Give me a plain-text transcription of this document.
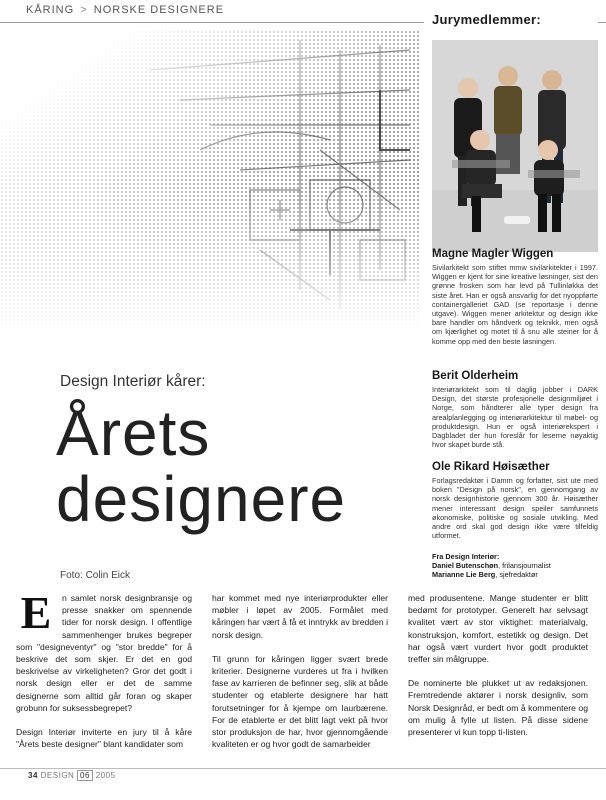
KÅRING > NORSKE DESIGNERE
Jurymedlemmer:
Magne Magler Wiggen

Sivilarkitekt som stiftet mmw sivilarkitekter i 1997. Wiggen er kjent for sine kreative løsninger, sist den grønne frosken som har levd på Tullinløkka det siste året. Han er også ansvarlig for det nyoppførte containergalleriet GAD (se reportasje i denne utgave). Wiggen mener arkitektur og design ikke bare handler om håndverk og teknikk, men også om kjærlighet og motet til å snu alle steiner for å komme opp med den beste løsningen.

Berit Olderheim

Interiørarkitekt som til daglig jobber i DARK Design, det største profesjonelle designmiljøet i Norge, som håndterer alle typer design fra arealplanlegging og interiørarkitektur til møbel- og produktdesign. Hun er også interiørekspert i Dagbladet der hun foreslår for leserne nøyaktig hvor skapet burde stå.

Ole Rikard Høisæther

Forlagsredaktør i Damm og forfatter, sist ute med boken "Design på norsk", en gjennomgang av norsk designhistorie gjennom 300 år. Høisæther mener interessant design speiler samfunnets økonomiske, politiske og sosiale utvikling. Med andre ord skal god design ikke være tilfeldig utformet.

Fra Design Interiør:
Daniel Butenschøn, frilansjournalist
Marianne Lie Berg, sjefredaktør
Design Interiør kårer:
Årets
designere
Foto: Colin Eick

E	n samlet norsk designbransje og presse snakker om spennende tider for norsk design. I offentlige sammenhenger brukes begreper som "designeventyr" og "stor bredde" for å beskrive det som skjer. Er det en god beskrivelse av virkeligheten? Gror det godt i norsk design eller er det de samme designerne som alltid går foran og skaper grobunn for suksessbegrepet?

Design Interiør inviterte en jury til å kåre "Årets beste designer" blant kandidater som

har kommet med nye interiørprodukter eller møbler i løpet av 2005. Formålet med kåringen har vært å få et inntrykk av bredden i norsk design.

Til grunn for kåringen ligger svært brede kriterier. Designerne vurderes ut fra i hvilken fase av karrieren de befinner seg, slik at både studenter og etablerte designere har hatt forutsetninger for å kjempe om laurbærene. For de etablerte er det blitt lagt vekt på hvor stor produksjon de har, hvor gjennomgående kvaliteten er og hvor godt de samarbeider

med produsentene. Mange studenter er blitt bedømt for prototyper. Generelt har selvsagt kvalitet vært av stor viktighet: materialvalg, konstruksjon, komfort, estetikk og design. Det har også vært vurdert hvor godt produktet treffer sin målgruppe.

De nominerte ble plukket ut av redaksjonen. Fremtredende aktører i norsk designliv, som Norsk Designråd, er bedt om å kommentere og om mulig å fylle ut listen. På disse sidene presenterer vi kun topp ti-listen.

34 DESIGN 06 2005
